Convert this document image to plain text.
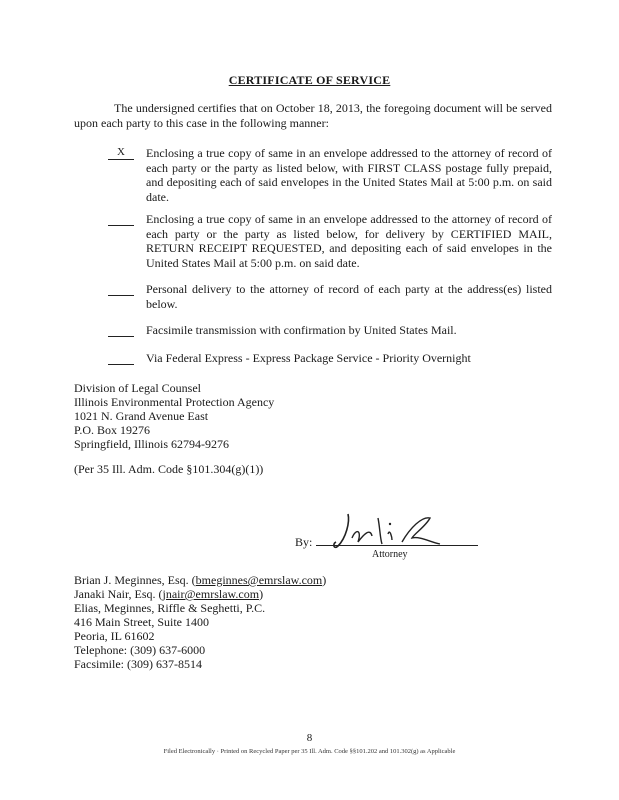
CERTIFICATE OF SERVICE
The undersigned certifies that on October 18, 2013, the foregoing document will be served upon each party to this case in the following manner:
X	Enclosing a true copy of same in an envelope addressed to the attorney of record of each party or the party as listed below, with FIRST CLASS postage fully prepaid, and depositing each of said envelopes in the United States Mail at 5:00 p.m. on said date.
Enclosing a true copy of same in an envelope addressed to the attorney of record of each party or the party as listed below, for delivery by CERTIFIED MAIL, RETURN RECEIPT REQUESTED, and depositing each of said envelopes in the United States Mail at 5:00 p.m. on said date.
Personal delivery to the attorney of record of each party at the address(es) listed below.
Facsimile transmission with confirmation by United States Mail.
Via Federal Express - Express Package Service - Priority Overnight
Division of Legal Counsel
Illinois Environmental Protection Agency
1021 N. Grand Avenue East
P.O. Box 19276
Springfield, Illinois 62794-9276
(Per 35 Ill. Adm. Code §101.304(g)(1))
By:
Attorney
Brian J. Meginnes, Esq. (bmeginnes@emrslaw.com)
Janaki Nair, Esq. (jnair@emrslaw.com)
Elias, Meginnes, Riffle & Seghetti, P.C.
416 Main Street, Suite 1400
Peoria, IL 61602
Telephone: (309) 637-6000
Facsimile: (309) 637-8514
8
Filed Electronically · Printed on Recycled Paper per 35 Ill. Adm. Code §§101.202 and 101.302(g) as Applicable
